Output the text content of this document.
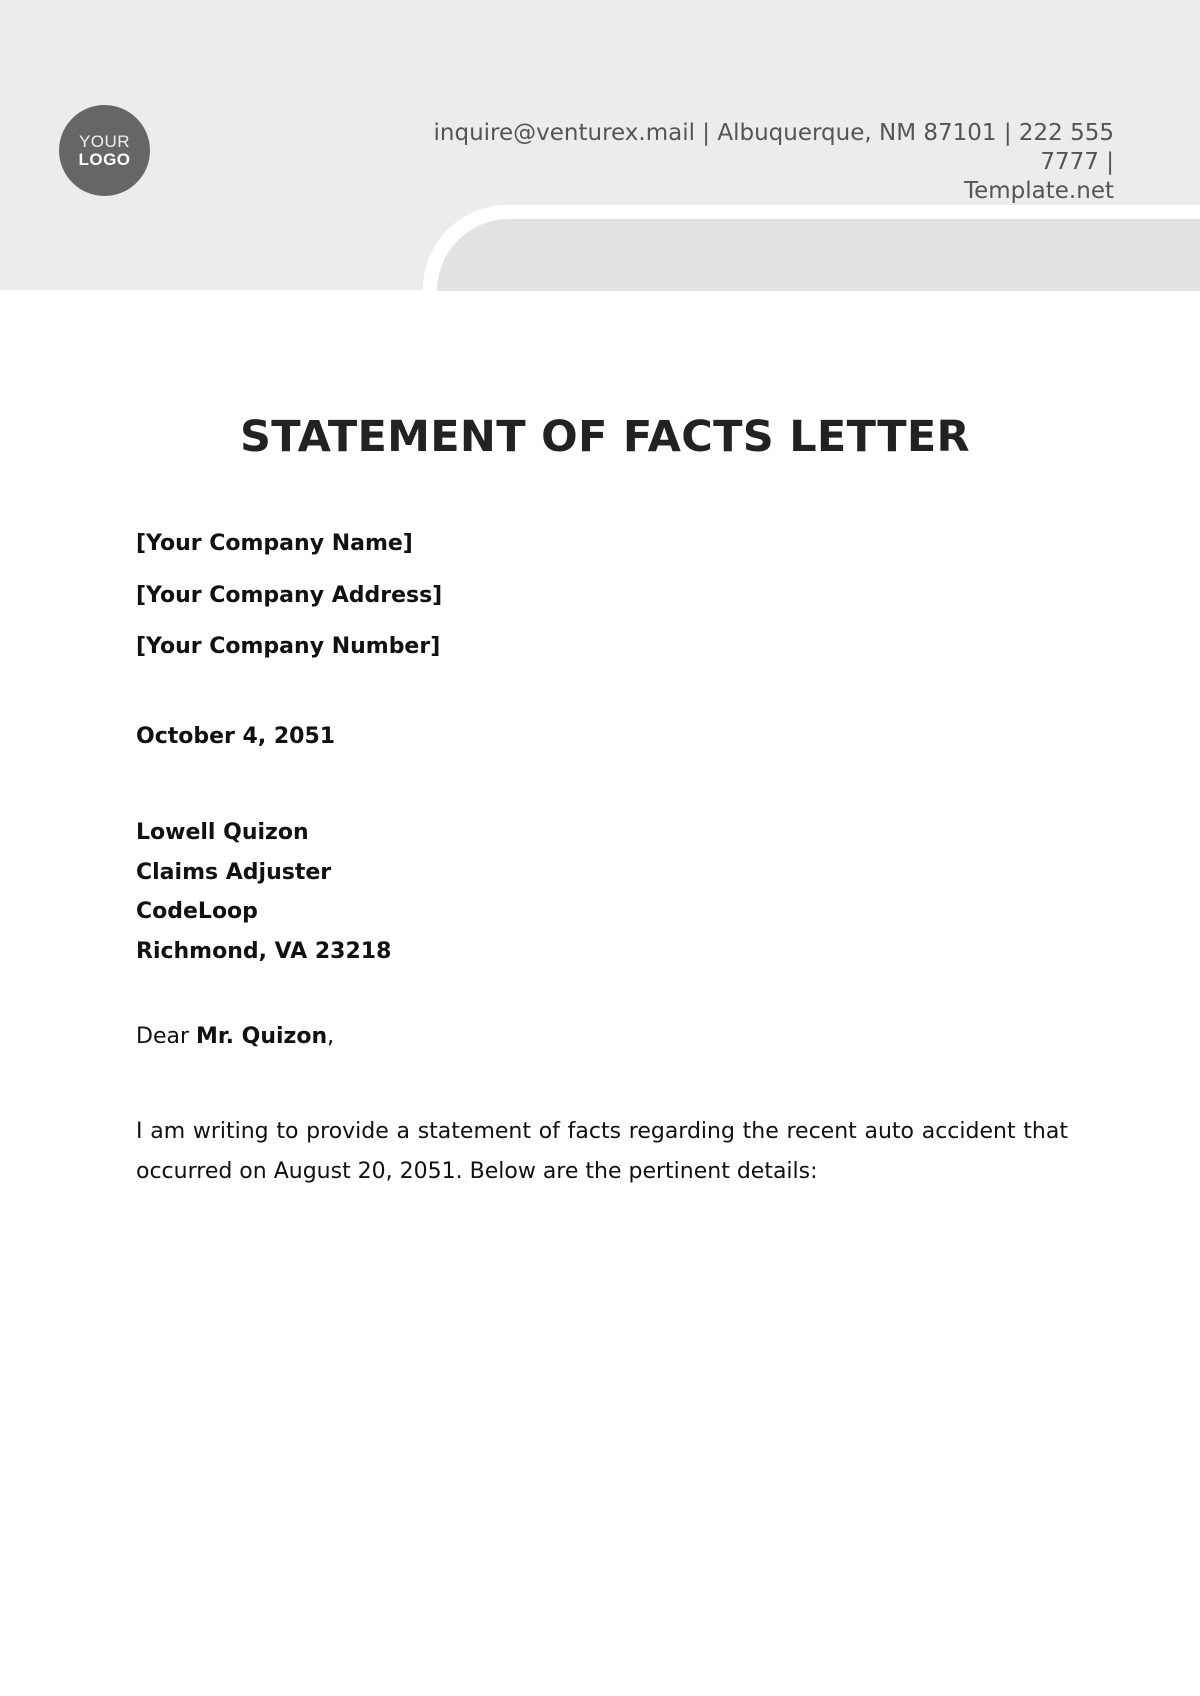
YOUR
LOGO
inquire@venturex.mail | Albuquerque, NM 87101 | 222 555 7777 |
Template.net
STATEMENT OF FACTS LETTER
[Your Company Name]
[Your Company Address]
[Your Company Number]
October 4, 2051
Lowell Quizon
Claims Adjuster
CodeLoop
Richmond, VA 23218
Dear Mr. Quizon,

I am writing to provide a statement of facts regarding the recent auto accident that occurred on August 20, 2051. Below are the pertinent details:
